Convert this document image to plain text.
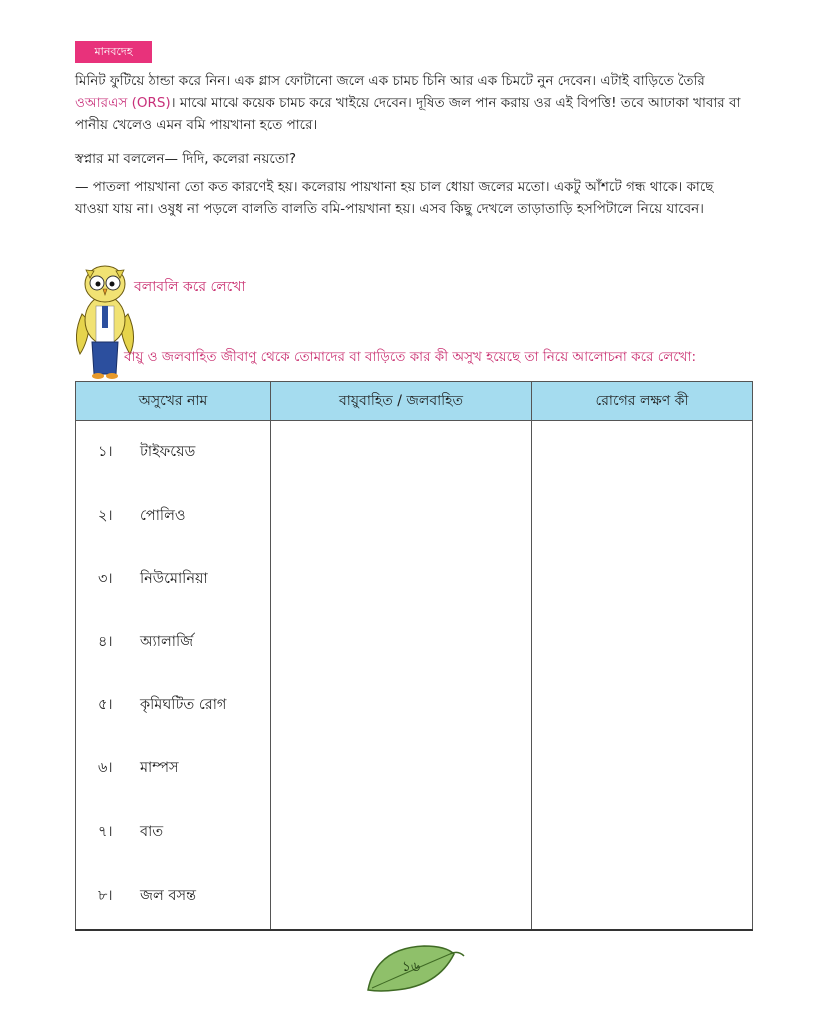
মানবদেহ

মিনিট ফুটিয়ে ঠান্ডা করে নিন। এক গ্লাস ফোটানো জলে এক চামচ চিনি আর এক চিমটে নুন দেবেন। এটাই বাড়িতে তৈরি ওআরএস (ORS)। মাঝে মাঝে কয়েক চামচ করে খাইয়ে দেবেন। দূষিত জল পান করায় ওর এই বিপত্তি! তবে আঢাকা খাবার বা পানীয় খেলেও এমন বমি পায়খানা হতে পারে।

স্বপ্নার মা বললেন— দিদি, কলেরা নয়তো?

— পাতলা পায়খানা তো কত কারণেই হয়। কলেরায় পায়খানা হয় চাল ধোয়া জলের মতো। একটু আঁশটে গন্ধ থাকে। কাছে যাওয়া যায় না। ওষুধ না পড়লে বালতি বালতি বমি-পায়খানা হয়। এসব কিছু দেখলে তাড়াতাড়ি হসপিটালে নিয়ে যাবেন।

বলাবলি করে লেখো
বায়ু ও জলবাহিত জীবাণু থেকে তোমাদের বা বাড়িতে কার কী অসুখ হয়েছে তা নিয়ে আলোচনা করে লেখো:
অসুখের নাম	বায়ুবাহিত / জলবাহিত	রোগের লক্ষণ কী
১। টাইফয়েড		
২। পোলিও		
৩। নিউমোনিয়া		
৪। অ্যালার্জি		
৫। কৃমিঘটিত রোগ		
৬। মাম্পস		
৭। বাত		
৮। জল বসন্ত		
১৬
